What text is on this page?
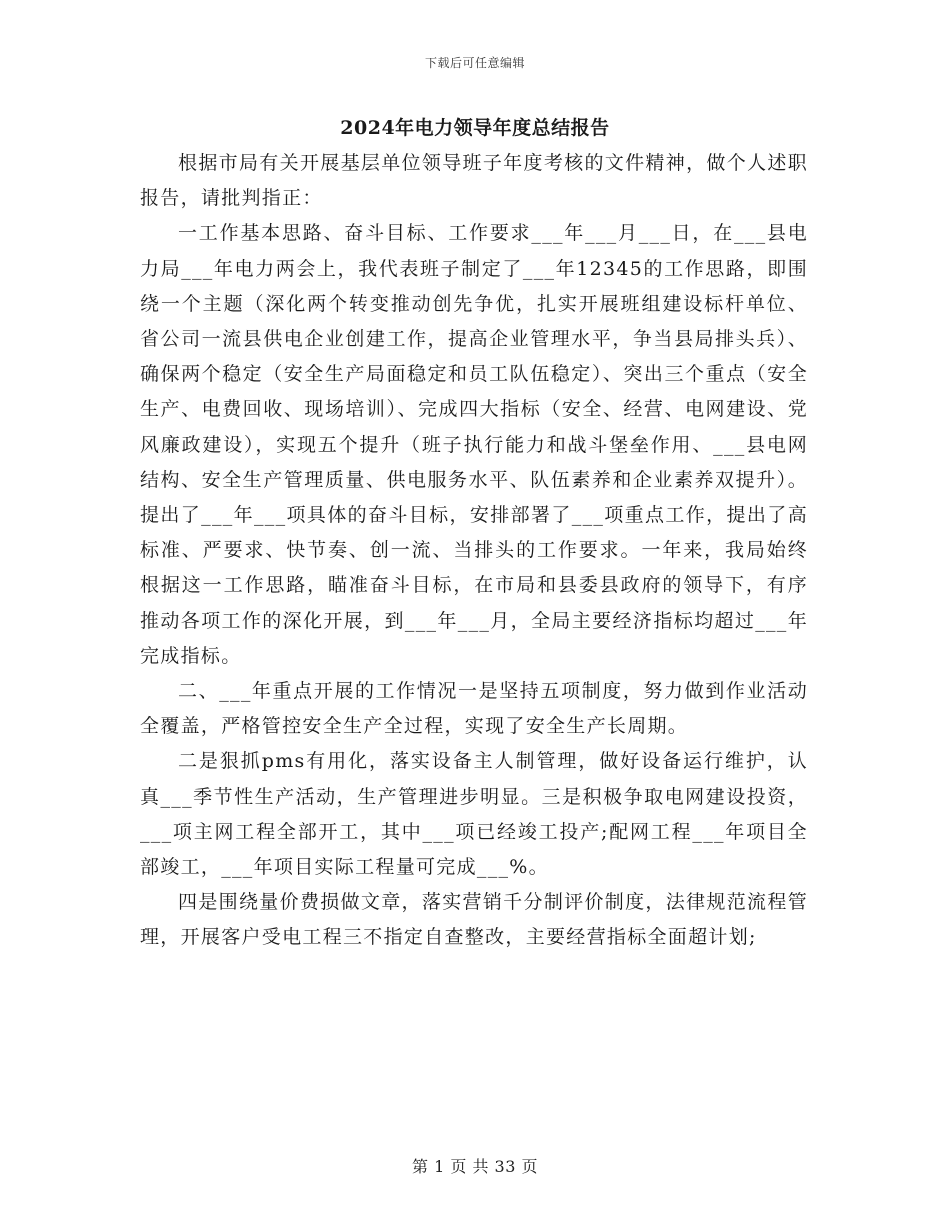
下载后可任意编辑
2024年电力领导年度总结报告

根据市局有关开展基层单位领导班子年度考核的文件精神，做个人述职报告，请批判指正：

一工作基本思路、奋斗目标、工作要求___年___月___日，在___县电力局___年电力两会上，我代表班子制定了___年12345的工作思路，即围绕一个主题（深化两个转变推动创先争优，扎实开展班组建设标杆单位、省公司一流县供电企业创建工作，提高企业管理水平，争当县局排头兵）、确保两个稳定（安全生产局面稳定和员工队伍稳定）、突出三个重点（安全生产、电费回收、现场培训）、完成四大指标（安全、经营、电网建设、党风廉政建设），实现五个提升（班子执行能力和战斗堡垒作用、___县电网结构、安全生产管理质量、供电服务水平、队伍素养和企业素养双提升）。提出了___年___项具体的奋斗目标，安排部署了___项重点工作，提出了高标准、严要求、快节奏、创一流、当排头的工作要求。一年来，我局始终根据这一工作思路，瞄准奋斗目标，在市局和县委县政府的领导下，有序推动各项工作的深化开展，到___年___月，全局主要经济指标均超过___年完成指标。

二、___年重点开展的工作情况一是坚持五项制度，努力做到作业活动全覆盖，严格管控安全生产全过程，实现了安全生产长周期。

二是狠抓pms有用化，落实设备主人制管理，做好设备运行维护，认真___季节性生产活动，生产管理进步明显。三是积极争取电网建设投资，___项主网工程全部开工，其中___项已经竣工投产;配网工程___年项目全部竣工，___年项目实际工程量可完成___%。

四是围绕量价费损做文章，落实营销千分制评价制度，法律规范流程管理，开展客户受电工程三不指定自查整改，主要经营指标全面超计划;

第 1 页 共 33 页
